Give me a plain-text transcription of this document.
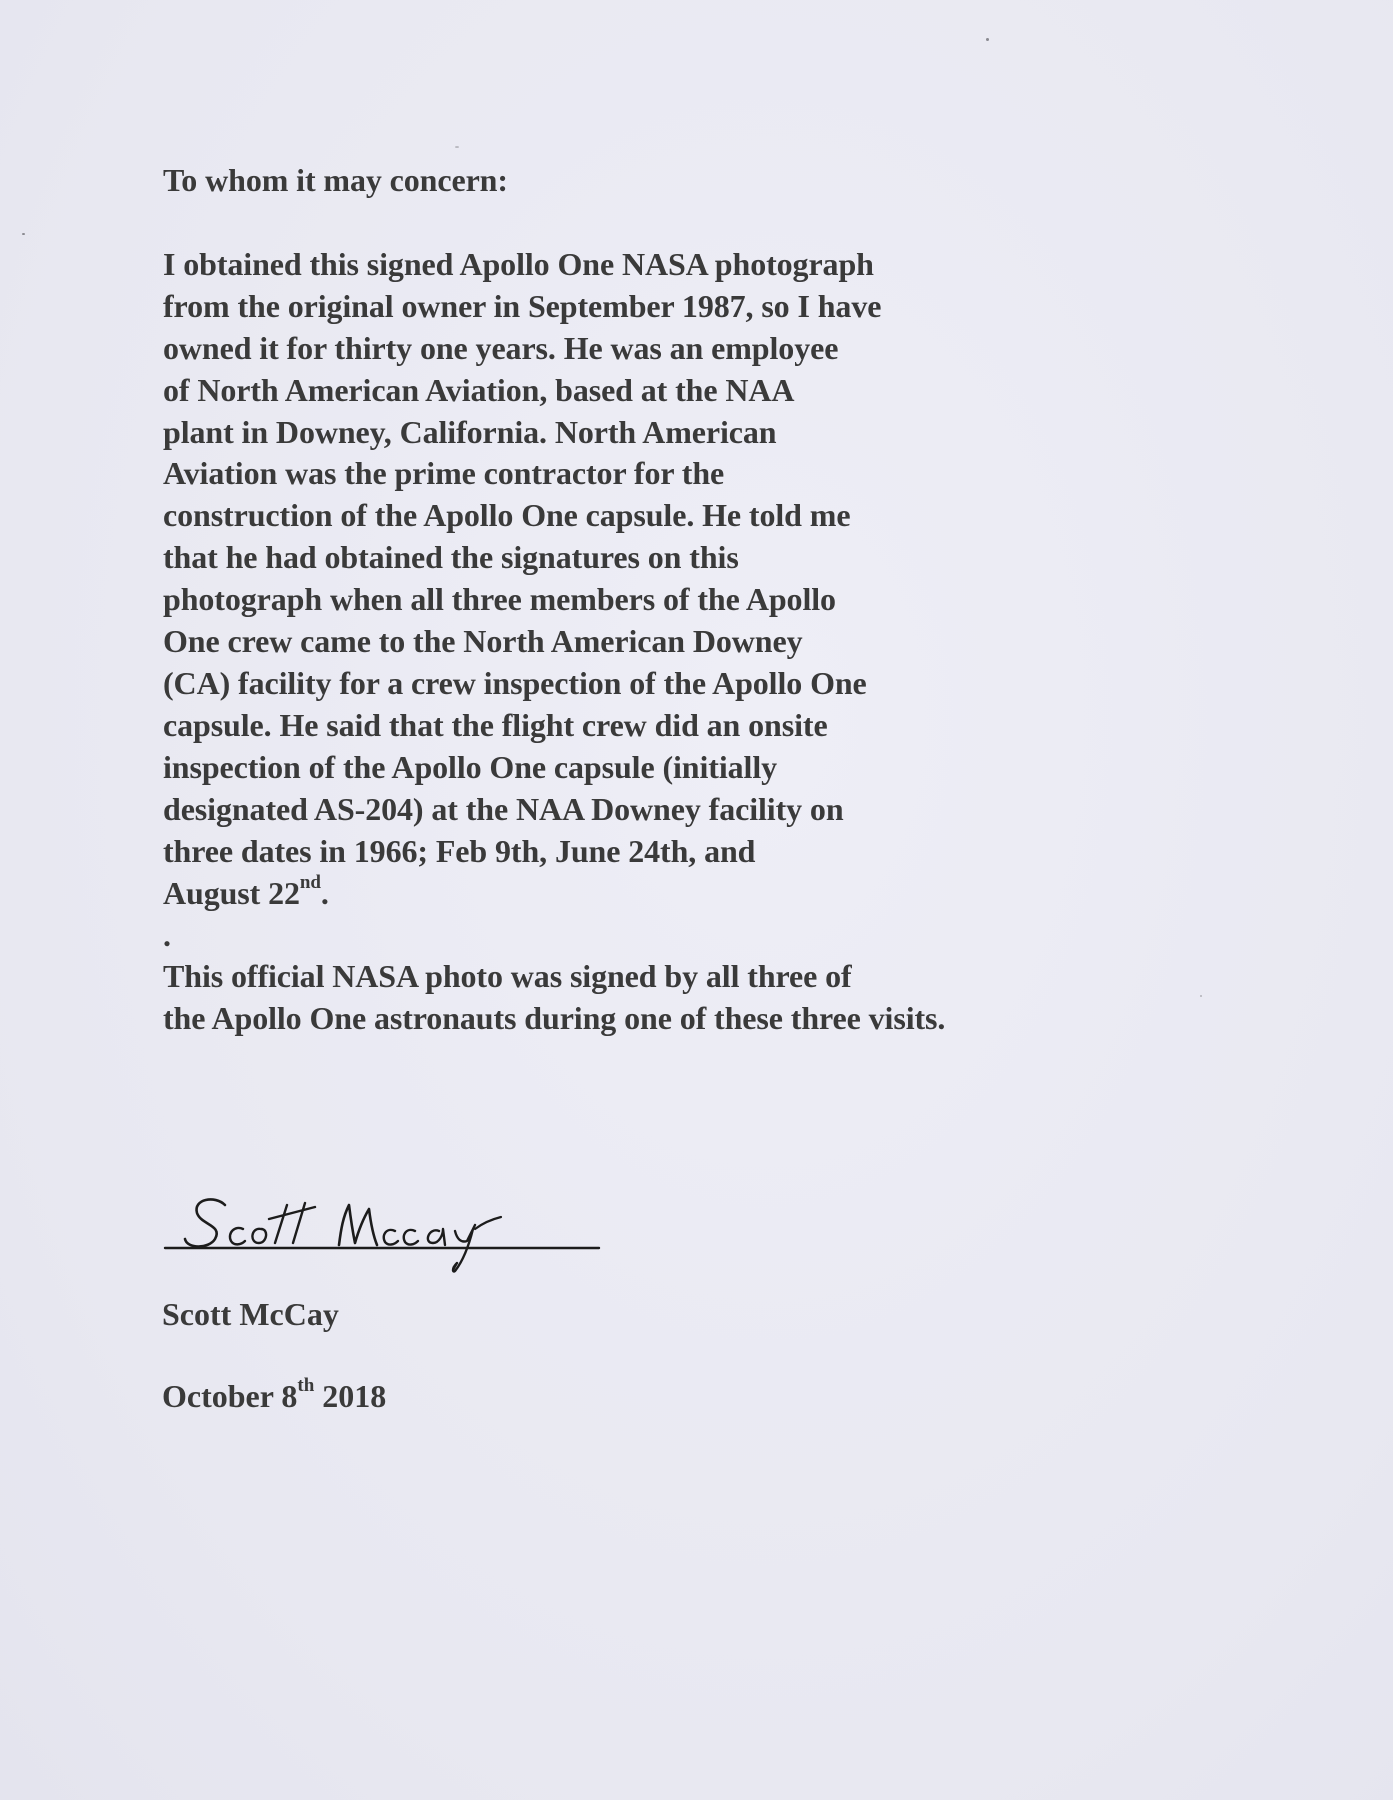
To whom it may concern:
I obtained this signed Apollo One NASA photograph
from the original owner in September 1987, so I have
owned it for thirty one years. He was an employee
of North American Aviation, based at the NAA
plant in Downey, California. North American
Aviation was the prime contractor for the
construction of the Apollo One capsule. He told me
that he had obtained the signatures on this
photograph when all three members of the Apollo
One crew came to the North American Downey
(CA) facility for a crew inspection of the Apollo One
capsule. He said that the flight crew did an onsite
inspection of the Apollo One capsule (initially
designated AS-204) at the NAA Downey facility on
three dates in 1966; Feb 9th, June 24th, and
August 22nd.
.
This official NASA photo was signed by all three of
the Apollo One astronauts during one of these three visits.
Scott McCay
October 8th 2018
